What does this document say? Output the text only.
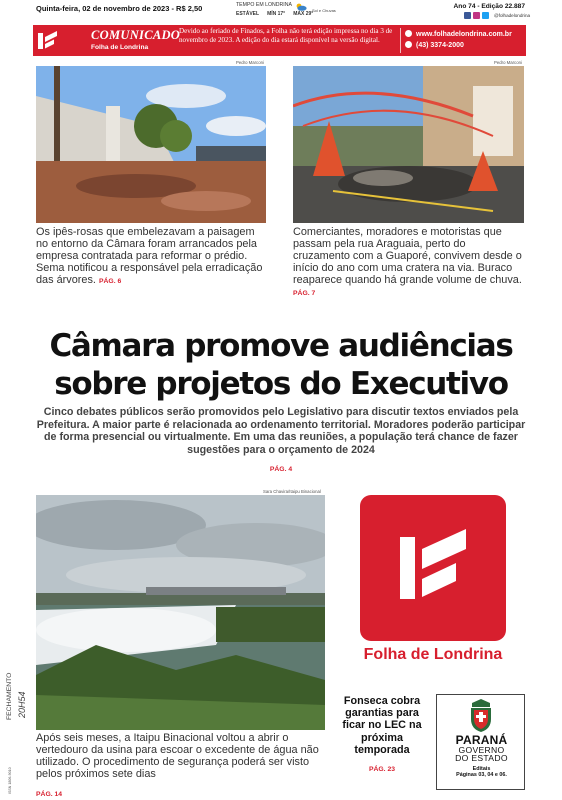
Quinta-feira, 02 de novembro de 2023 - R$ 2,50	TEMPO EM LONDRINA
ESTÁVEL MÍN 17° MÁX 29°
Sol e Chuvas
Ano 74 - Edição 22.887
@folhadelondrina
COMUNICADO
Folha de Londrina
Devido ao feriado de Finados, a Folha não terá edição impressa no dia 3 de novembro de 2023. A edição do dia estará disponível na versão digital.
www.folhadelondrina.com.br
(43) 3374-2000
Pedro Marconi
Os ipês-rosas que embelezavam a paisagem no entorno da Câmara foram arrancados pela empresa contratada para reformar o prédio. Sema notificou a responsável pela erradicação das árvores. PÁG. 6
Pedro Marconi
Comerciantes, moradores e motoristas que passam pela rua Araguaia, perto do cruzamento com a Guaporé, convivem desde o início do ano com uma cratera na via. Buraco reaparece quando há grande volume de chuva. PÁG. 7
Câmara promove audiências
sobre projetos do Executivo
Cinco debates públicos serão promovidos pelo Legislativo para discutir textos enviados pela Prefeitura. A maior parte é relacionada ao ordenamento territorial. Moradores poderão participar de forma presencial ou virtualmente. Em uma das reuniões, a população terá chance de fazer sugestões para o orçamento de 2024
PÁG. 4
Sara Chavira/Itaipu Binacional
Após seis meses, a Itaipu Binacional voltou a abrir o vertedouro da usina para escoar o excedente de água não utilizado. O procedimento de segurança poderá ser visto pelos próximos sete dias
PÁG. 14
Folha de Londrina
Fonseca cobra garantias para ficar no LEC na próxima temporada
PÁG. 23
PARANÁ
GOVERNO
DO ESTADO
Editais
Páginas 03, 04 e 06.
FECHAMENTO 20H54
ISSN 1806-9010
